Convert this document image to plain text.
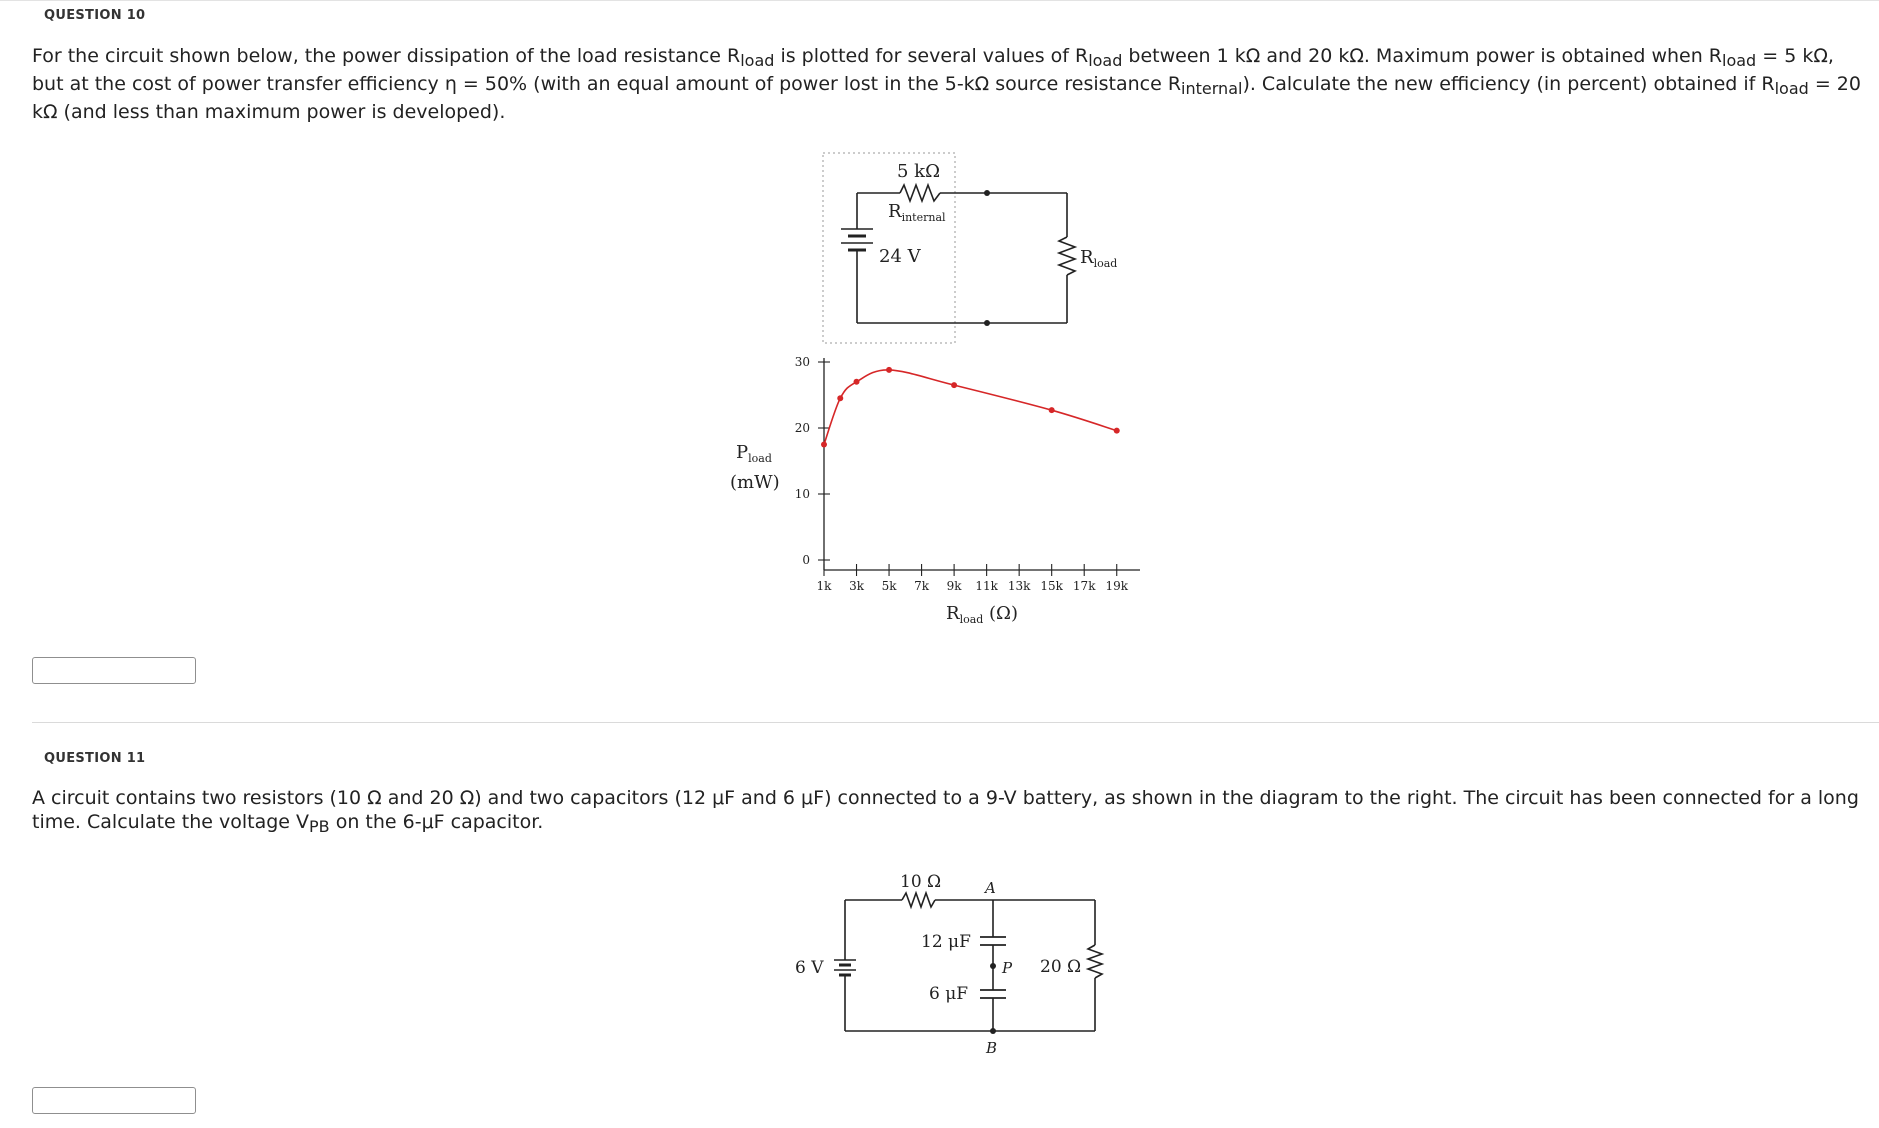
QUESTION 10
For the circuit shown below, the power dissipation of the load resistance $R_{load}$ is plotted for several values of $R_{load}$ between 1 kΩ and 20 kΩ. Maximum power is obtained when $R_{load} = 5$ kΩ, but at the cost of power transfer efficiency η = 50% (with an equal amount of power lost in the 5-kΩ source resistance $R_{internal}$). Calculate the new efficiency (in percent) obtained if $R_{load} = 20$ kΩ (and less than maximum power is developed).
5 kΩ
$R_{internal}$
24 V	$R_{load}$
0
10
20
30
1k 3k 5k 7k 9k 11k 13k 15k 17k 19k
$P_{load}$
(mW)
$R_{load}$ (Ω)
QUESTION 11
A circuit contains two resistors (10 Ω and 20 Ω) and two capacitors (12 μF and 6 μF) connected to a 9-V battery, as shown in the diagram to the right. The circuit has been connected for a long time. Calculate the voltage $V_{PB}$ on the 6-μF capacitor.
10 Ω	A
12 μF
P 20 Ω
6 V
6 μF
B
